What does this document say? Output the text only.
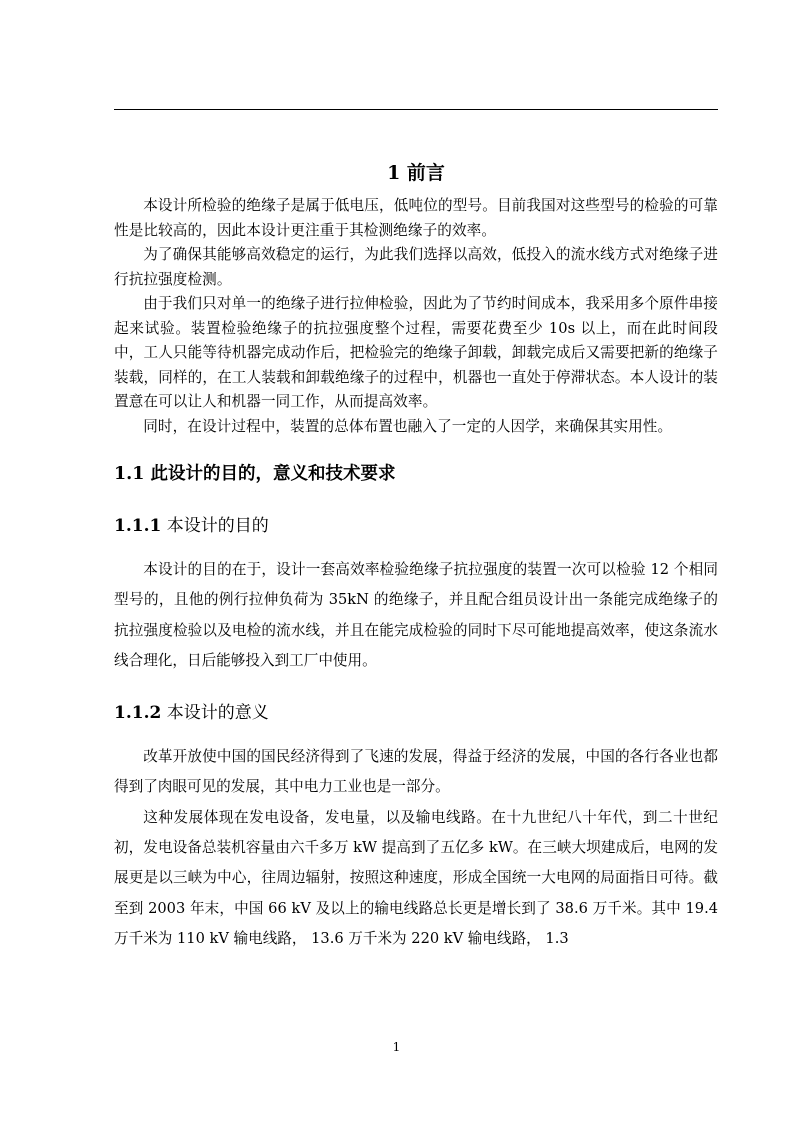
1 前言

本设计所检验的绝缘子是属于低电压，低吨位的型号。目前我国对这些型号的检验的可靠性是比较高的，因此本设计更注重于其检测绝缘子的效率。

为了确保其能够高效稳定的运行，为此我们选择以高效，低投入的流水线方式对绝缘子进行抗拉强度检测。

由于我们只对单一的绝缘子进行拉伸检验，因此为了节约时间成本，我采用多个原件串接起来试验。装置检验绝缘子的抗拉强度整个过程，需要花费至少 10s 以上，而在此时间段中，工人只能等待机器完成动作后，把检验完的绝缘子卸载，卸载完成后又需要把新的绝缘子装载，同样的，在工人装载和卸载绝缘子的过程中，机器也一直处于停滞状态。本人设计的装置意在可以让人和机器一同工作，从而提高效率。

同时，在设计过程中，装置的总体布置也融入了一定的人因学，来确保其实用性。

1.1 此设计的目的，意义和技术要求
1.1.1 本设计的目的

本设计的目的在于，设计一套高效率检验绝缘子抗拉强度的装置一次可以检验 12 个相同型号的，且他的例行拉伸负荷为 35kN 的绝缘子，并且配合组员设计出一条能完成绝缘子的抗拉强度检验以及电检的流水线，并且在能完成检验的同时下尽可能地提高效率，使这条流水线合理化，日后能够投入到工厂中使用。

1.1.2 本设计的意义

改革开放使中国的国民经济得到了飞速的发展，得益于经济的发展，中国的各行各业也都得到了肉眼可见的发展，其中电力工业也是一部分。

这种发展体现在发电设备，发电量，以及输电线路。在十九世纪八十年代，到二十世纪初，发电设备总装机容量由六千多万 kW 提高到了五亿多 kW。在三峡大坝建成后，电网的发展更是以三峡为中心，往周边辐射，按照这种速度，形成全国统一大电网的局面指日可待。截至到 2003 年末，中国 66 kV 及以上的输电线路总长更是增长到了 38.6 万千米。其中 19.4 万千米为 110 kV 输电线路， 13.6 万千米为 220 kV 输电线路， 1.3

1
